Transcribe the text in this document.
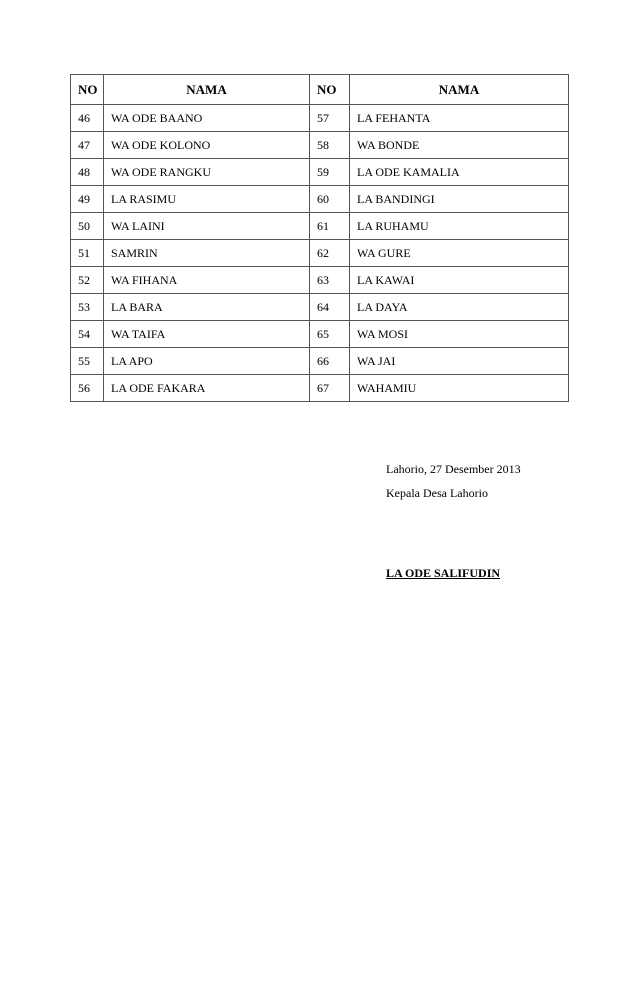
NO	NAMA	NO	NAMA
46	WA ODE BAANO	57	LA FEHANTA
47	WA ODE KOLONO	58	WA BONDE
48	WA ODE RANGKU	59	LA ODE KAMALIA
49	LA RASIMU	60	LA BANDINGI
50	WA LAINI	61	LA RUHAMU
51	SAMRIN	62	WA GURE
52	WA FIHANA	63	LA KAWAI
53	LA BARA	64	LA DAYA
54	WA TAIFA	65	WA MOSI
55	LA APO	66	WA JAI
56	LA ODE FAKARA	67	WAHAMIU
Lahorio, 27 Desember 2013
Kepala Desa Lahorio
LA ODE SALIFUDIN
